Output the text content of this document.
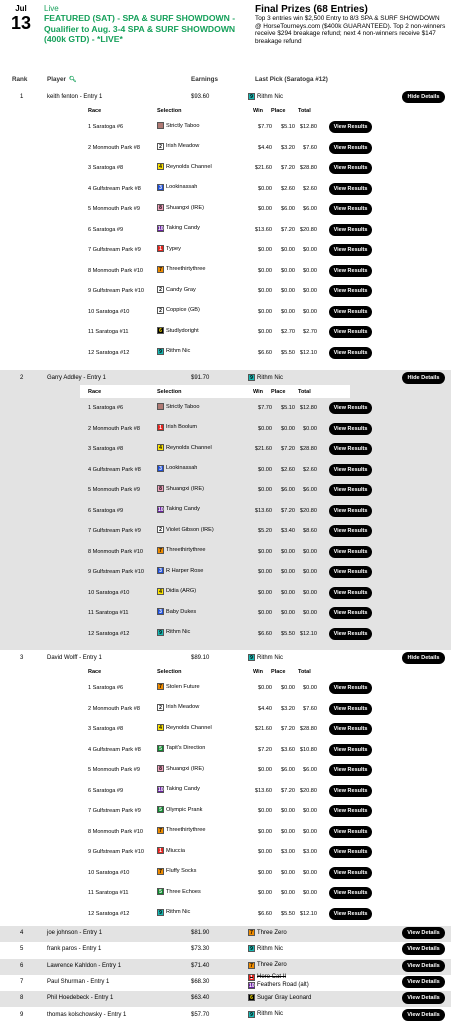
Jul
13
Live
FEATURED (SAT) - SPA & SURF SHOWDOWN - Qualifier to Aug. 3-4 SPA & SURF SHOWDOWN (400k GTD) - *LIVE*
Final Prizes (68 Entries)
Top 3 entries win $2,500 Entry to 8/3 SPA & SURF SHOWDOWN @ HorseTourneys.com ($400k GUARANTEED). Top 2 non-winners receive $294 breakage refund; next 4 non-winners receive $147 breakage refund
Rank	Player 🔍︎	Earnings	Last Pick (Saratoga #12)
1	keith fenton - Entry 1	$93.60	9 Rithm Nic	Hide Details
Race	Selection	Win Place Total
1 Saratoga #6	? Strictly Taboo	$7.70	$5.10 $12.80	View Results
2 Monmouth Park #8	2 Irish Meadow	$4.40	$3.20	$7.60	View Results
3 Saratoga #8	4 Reynolds Channel	$21.60	$7.20 $28.80	View Results
4 Gulfstream Park #8	3 Lookinassah	$0.00	$2.60	$2.60	View Results
5 Monmouth Park #9	8 Shuangxi (IRE)	$0.00	$6.00	$6.00	View Results
6 Saratoga #9	10 Taking Candy	$13.60	$7.20 $20.80	View Results
7 Gulfstream Park #9	1 Typey	$0.00	$0.00	$0.00	View Results
8 Monmouth Park #10	7 Threethirtythree	$0.00	$0.00	$0.00	View Results
9 Gulfstream Park #10	2 Candy Gray	$0.00	$0.00	$0.00	View Results
10 Saratoga #10	2 Coppice (GB)	$0.00	$0.00	$0.00	View Results
11 Saratoga #11	6 Studlydoright	$0.00	$2.70	$2.70	View Results
12 Saratoga #12	9 Rithm Nic	$6.60	$5.50 $12.10	View Results
2	Garry Addley - Entry 1	$91.70	9 Rithm Nic	Hide Details
Race	Selection	Win Place Total
1 Saratoga #6	? Strictly Taboo	$7.70	$5.10 $12.80	View Results
2 Monmouth Park #8	1 Irish Boolum	$0.00	$0.00	$0.00	View Results
3 Saratoga #8	4 Reynolds Channel	$21.60	$7.20 $28.80	View Results
4 Gulfstream Park #8	3 Lookinassah	$0.00	$2.60	$2.60	View Results
5 Monmouth Park #9	8 Shuangxi (IRE)	$0.00	$6.00	$6.00	View Results
6 Saratoga #9	10 Taking Candy	$13.60	$7.20 $20.80	View Results
7 Gulfstream Park #9	2 Violet Gibson (IRE)	$5.20	$3.40	$8.60	View Results
8 Monmouth Park #10	7 Threethirtythree	$0.00	$0.00	$0.00	View Results
9 Gulfstream Park #10	3 R Harper Rose	$0.00	$0.00	$0.00	View Results
10 Saratoga #10	4 Didia (ARG)	$0.00	$0.00	$0.00	View Results
11 Saratoga #11	3 Baby Dukes	$0.00	$0.00	$0.00	View Results
12 Saratoga #12	9 Rithm Nic	$6.60	$5.50 $12.10	View Results
3	David Wolff - Entry 1	$89.10	9 Rithm Nic	Hide Details
Race	Selection	Win Place Total
1 Saratoga #6	7 Stolen Future	$0.00	$0.00	$0.00	View Results
2 Monmouth Park #8	2 Irish Meadow	$4.40	$3.20	$7.60	View Results
3 Saratoga #8	4 Reynolds Channel	$21.60	$7.20 $28.80	View Results
4 Gulfstream Park #8	5 Tapit's Direction	$7.20	$3.60 $10.80	View Results
5 Monmouth Park #9	8 Shuangxi (IRE)	$0.00	$6.00	$6.00	View Results
6 Saratoga #9	10 Taking Candy	$13.60	$7.20 $20.80	View Results
7 Gulfstream Park #9	5 Olympic Prank	$0.00	$0.00	$0.00	View Results
8 Monmouth Park #10	7 Threethirtythree	$0.00	$0.00	$0.00	View Results
9 Gulfstream Park #10	1 Miuccia	$0.00	$3.00	$3.00	View Results
10 Saratoga #10	7 Fluffy Socks	$0.00	$0.00	$0.00	View Results
11 Saratoga #11	5 Three Echoes	$0.00	$0.00	$0.00	View Results
12 Saratoga #12	9 Rithm Nic	$6.60	$5.50 $12.10	View Results
4	joe johnson - Entry 1	$81.90	7 Three Zero	View Details
5	frank paros - Entry 1	$73.30	9 Rithm Nic	View Details
6	Lawrence Kahldon - Entry 1	$71.40	7 Three Zero	View Details
7	Paul Shurman - Entry 1	$68.30
1 Hero Cat II
10 Feathers Road (alt)
View Details
8	Phil Hoedebeck - Entry 1	$63.40	6 Sugar Gray Leonard	View Details
9	thomas kolschowsky - Entry 1	$57.70	9 Rithm Nic	View Details
